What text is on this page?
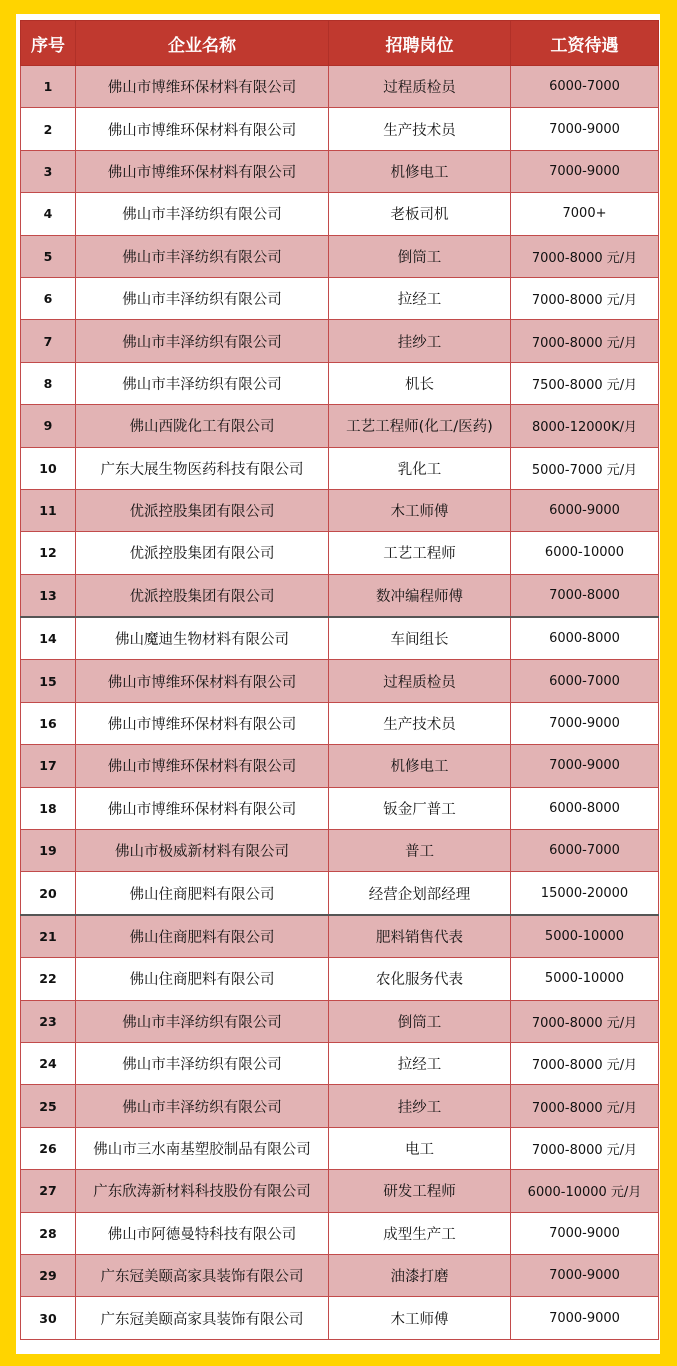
序号	企业名称	招聘岗位	工资待遇
1	佛山市博维环保材料有限公司	过程质检员	6000-7000
2	佛山市博维环保材料有限公司	生产技术员	7000-9000
3	佛山市博维环保材料有限公司	机修电工	7000-9000
4	佛山市丰泽纺织有限公司	老板司机	7000+
5	佛山市丰泽纺织有限公司	倒筒工	7000-8000 元/月
6	佛山市丰泽纺织有限公司	拉经工	7000-8000 元/月
7	佛山市丰泽纺织有限公司	挂纱工	7000-8000 元/月
8	佛山市丰泽纺织有限公司	机长	7500-8000 元/月
9	佛山西陇化工有限公司	工艺工程师(化工/医药)	8000-12000K/月
10	广东大展生物医药科技有限公司	乳化工	5000-7000 元/月
11	优派控股集团有限公司	木工师傅	6000-9000
12	优派控股集团有限公司	工艺工程师	6000-10000
13	优派控股集团有限公司	数冲编程师傅	7000-8000
14	佛山魔迪生物材料有限公司	车间组长	6000-8000
15	佛山市博维环保材料有限公司	过程质检员	6000-7000
16	佛山市博维环保材料有限公司	生产技术员	7000-9000
17	佛山市博维环保材料有限公司	机修电工	7000-9000
18	佛山市博维环保材料有限公司	钣金厂普工	6000-8000
19	佛山市极威新材料有限公司	普工	6000-7000
20	佛山住商肥料有限公司	经营企划部经理	15000-20000
21	佛山住商肥料有限公司	肥料销售代表	5000-10000
22	佛山住商肥料有限公司	农化服务代表	5000-10000
23	佛山市丰泽纺织有限公司	倒筒工	7000-8000 元/月
24	佛山市丰泽纺织有限公司	拉经工	7000-8000 元/月
25	佛山市丰泽纺织有限公司	挂纱工	7000-8000 元/月
26	佛山市三水南基塑胶制品有限公司	电工	7000-8000 元/月
27	广东欣涛新材料科技股份有限公司	研发工程师	6000-10000 元/月
28	佛山市阿德曼特科技有限公司	成型生产工	7000-9000
29	广东冠美颐高家具装饰有限公司	油漆打磨	7000-9000
30	广东冠美颐高家具装饰有限公司	木工师傅	7000-9000
